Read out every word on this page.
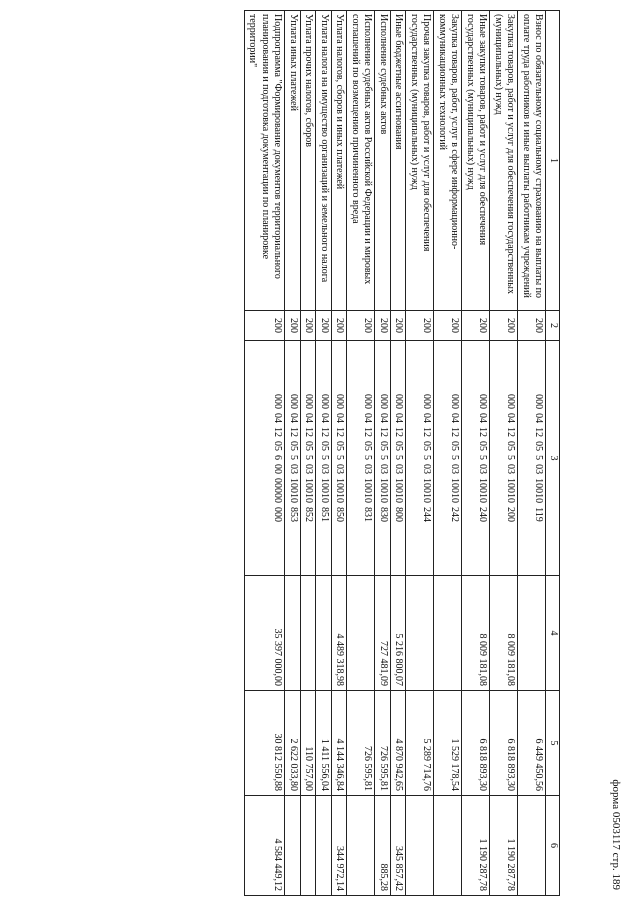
форма 0503117 стр. 189
1	2	3	4	5	6
Взнос по обязательному социальному страхованию на выплаты по оплате труда работников и иные выплаты работникам учреждений	200	00004120550310010119		6 449 450,56	
Закупка товаров, работ и услуг для обеспечения государственных (муниципальных) нужд	200	00004120550310010200	8 009 181,08	6 818 893,30	1 190 287,78
Иные закупки товаров, работ и услуг для обеспечения государственных (муниципальных) нужд	200	00004120550310010240	8 009 181,08	6 818 893,30	1 190 287,78
Закупка товаров, работ, услуг в сфере информационно-коммуникационных технологий	200	00004120550310010242		1 529 178,54	
Прочая закупка товаров, работ и услуг для обеспечения государственных (муниципальных) нужд	200	00004120550310010244		5 289 714,76	
Иные бюджетные ассигнования	200	00004120550310010800	5 216 800,07	4 870 942,65	345 857,42
Исполнение судебных актов	200	00004120550310010830	727 481,09	726 595,81	885,28
Исполнение судебных актов Российской Федерации и мировых соглашений по возмещению причиненного вреда	200	00004120550310010831		726 595,81	
Уплата налогов, сборов и иных платежей	200	00004120550310010850	4 489 318,98	4 144 346,84	344 972,14
Уплата налога на имущество организаций и земельного налога	200	00004120550310010851		1 411 556,04	
Уплата прочих налогов, сборов	200	00004120550310010852		110 757,00	
Уплата иных платежей	200	00004120550310010853		2 622 033,80	
Подпрограмма "Формирование документов территориального планирования и подготовка документации по планировке территории"	200	00004120560000000000	35 397 000,00	30 812 550,88	4 584 449,12
